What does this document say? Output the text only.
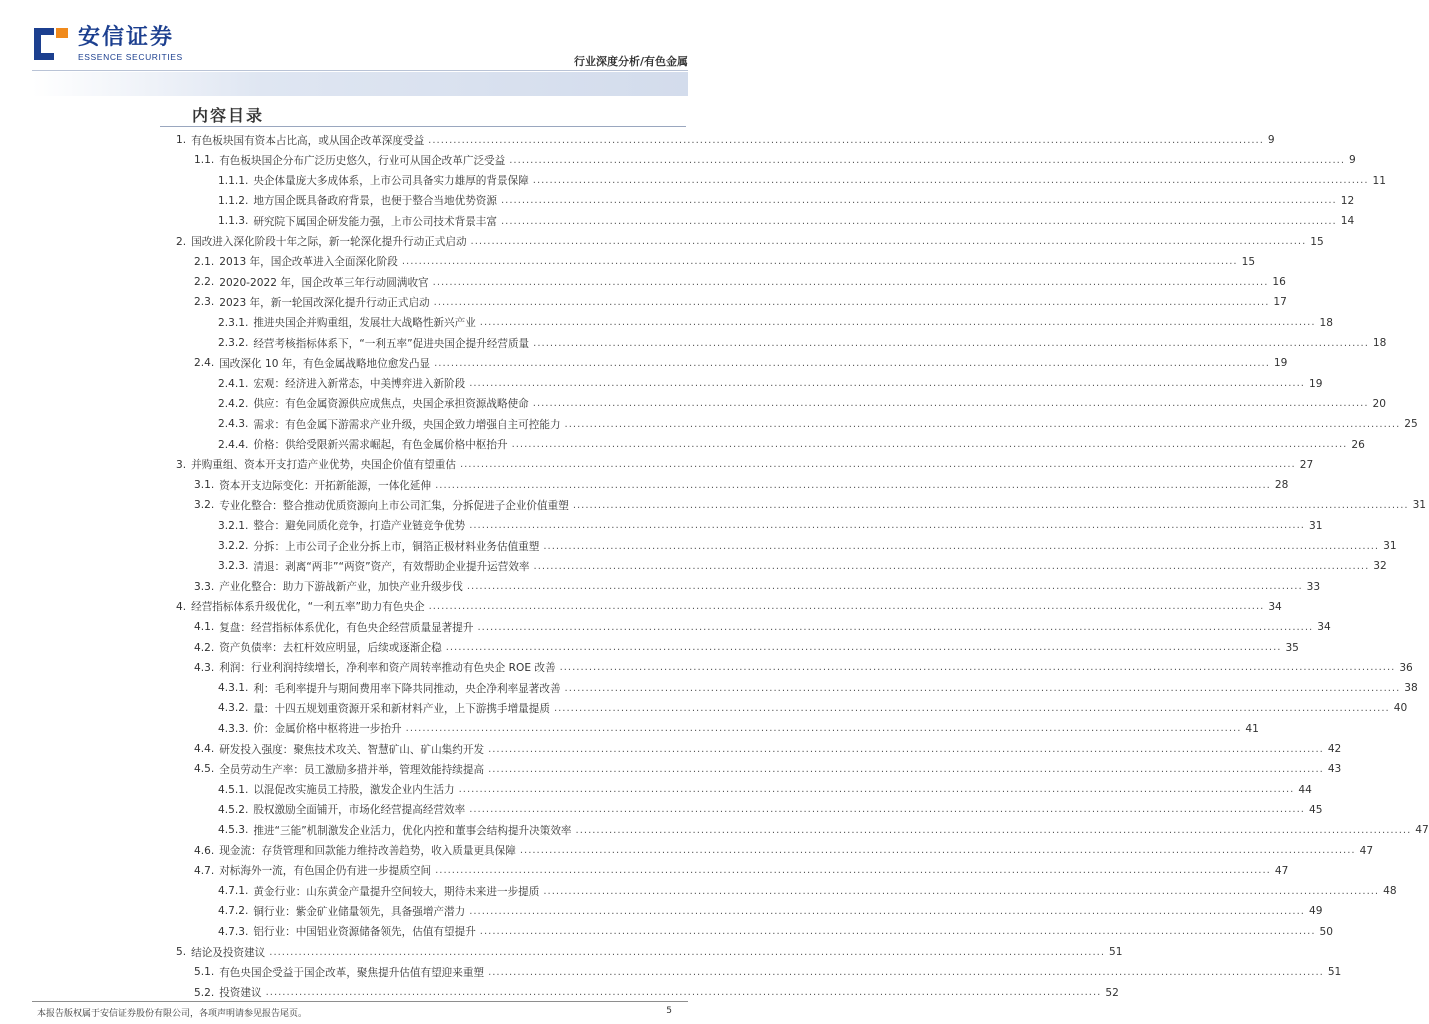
安信证券
ESSENCE SECURITIES	行业深度分析/有色金属
内容目录
1. 有色板块国有资本占比高，或从国企改革深度受益 ........................................................................................................................................................................................................ 9
1.1. 有色板块国企分布广泛历史悠久，行业可从国企改革广泛受益 ........................................................................................................................................................................................................ 9
1.1.1. 央企体量庞大多成体系，上市公司具备实力雄厚的背景保障 ........................................................................................................................................................................................................ 11
1.1.2. 地方国企既具备政府背景，也便于整合当地优势资源 ........................................................................................................................................................................................................ 12
1.1.3. 研究院下属国企研发能力强，上市公司技术背景丰富 ........................................................................................................................................................................................................ 14
2. 国改进入深化阶段十年之际，新一轮深化提升行动正式启动 ........................................................................................................................................................................................................ 15
2.1. 2013 年，国企改革进入全面深化阶段 ........................................................................................................................................................................................................ 15
2.2. 2020-2022 年，国企改革三年行动圆满收官 ........................................................................................................................................................................................................ 16
2.3. 2023 年，新一轮国改深化提升行动正式启动 ........................................................................................................................................................................................................ 17
2.3.1. 推进央国企并购重组，发展壮大战略性新兴产业 ........................................................................................................................................................................................................ 18
2.3.2. 经营考核指标体系下，“一利五率”促进央国企提升经营质量 ........................................................................................................................................................................................................ 18
2.4. 国改深化 10 年，有色金属战略地位愈发凸显 ........................................................................................................................................................................................................ 19
2.4.1. 宏观：经济进入新常态，中美博弈进入新阶段 ........................................................................................................................................................................................................ 19
2.4.2. 供应：有色金属资源供应成焦点，央国企承担资源战略使命 ........................................................................................................................................................................................................ 20
2.4.3. 需求：有色金属下游需求产业升级，央国企致力增强自主可控能力 ........................................................................................................................................................................................................ 25
2.4.4. 价格：供给受限新兴需求崛起，有色金属价格中枢抬升 ........................................................................................................................................................................................................ 26
3. 并购重组、资本开支打造产业优势，央国企价值有望重估 ........................................................................................................................................................................................................ 27
3.1. 资本开支边际变化：开拓新能源，一体化延伸 ........................................................................................................................................................................................................ 28
3.2. 专业化整合：整合推动优质资源向上市公司汇集，分拆促进子企业价值重塑 ........................................................................................................................................................................................................ 31
3.2.1. 整合：避免同质化竞争，打造产业链竞争优势 ........................................................................................................................................................................................................ 31
3.2.2. 分拆：上市公司子企业分拆上市，铜箔正极材料业务估值重塑 ........................................................................................................................................................................................................ 31
3.2.3. 清退：剥离“两非”“两资”资产，有效帮助企业提升运营效率 ........................................................................................................................................................................................................ 32
3.3. 产业化整合：助力下游战新产业，加快产业升级步伐 ........................................................................................................................................................................................................ 33
4. 经营指标体系升级优化，“一利五率”助力有色央企 ........................................................................................................................................................................................................ 34
4.1. 复盘：经营指标体系优化，有色央企经营质量显著提升 ........................................................................................................................................................................................................ 34
4.2. 资产负债率：去杠杆效应明显，后续或逐渐企稳 ........................................................................................................................................................................................................ 35
4.3. 利润：行业利润持续增长，净利率和资产周转率推动有色央企 ROE 改善 ........................................................................................................................................................................................................ 36
4.3.1. 利：毛利率提升与期间费用率下降共同推动，央企净利率显著改善 ........................................................................................................................................................................................................ 38
4.3.2. 量：十四五规划重资源开采和新材料产业，上下游携手增量提质 ........................................................................................................................................................................................................ 40
4.3.3. 价：金属价格中枢将进一步抬升 ........................................................................................................................................................................................................ 41
4.4. 研发投入强度：聚焦技术攻关、智慧矿山、矿山集约开发 ........................................................................................................................................................................................................ 42
4.5. 全员劳动生产率：员工激励多措并举，管理效能持续提高 ........................................................................................................................................................................................................ 43
4.5.1. 以混促改实施员工持股，激发企业内生活力 ........................................................................................................................................................................................................ 44
4.5.2. 股权激励全面铺开，市场化经营提高经营效率 ........................................................................................................................................................................................................ 45
4.5.3. 推进“三能”机制激发企业活力，优化内控和董事会结构提升决策效率 ........................................................................................................................................................................................................ 47
4.6. 现金流：存货管理和回款能力维持改善趋势，收入质量更具保障 ........................................................................................................................................................................................................ 47
4.7. 对标海外一流，有色国企仍有进一步提质空间 ........................................................................................................................................................................................................ 47
4.7.1. 黄金行业：山东黄金产量提升空间较大，期待未来进一步提质 ........................................................................................................................................................................................................ 48
4.7.2. 铜行业：紫金矿业储量领先，具备强增产潜力 ........................................................................................................................................................................................................ 49
4.7.3. 铝行业：中国铝业资源储备领先，估值有望提升 ........................................................................................................................................................................................................ 50
5. 结论及投资建议 ........................................................................................................................................................................................................ 51
5.1. 有色央国企受益于国企改革，聚焦提升估值有望迎来重塑 ........................................................................................................................................................................................................ 51
5.2. 投资建议 ........................................................................................................................................................................................................ 52
本报告版权属于安信证券股份有限公司，各项声明请参见报告尾页。	5
